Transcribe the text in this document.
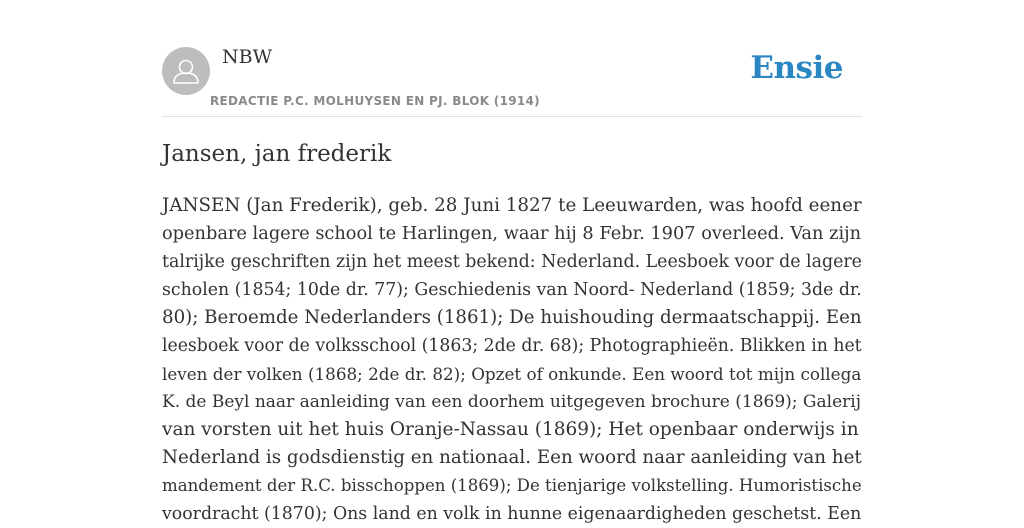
NBW
REDACTIE P.C. MOLHUYSEN EN PJ. BLOK (1914)
Ensie
Jansen, jan frederik
JANSEN (Jan Frederik), geb. 28 Juni 1827 te Leeuwarden, was hoofd eener
openbare lagere school te Harlingen, waar hij 8 Febr. 1907 overleed. Van zijn
talrijke geschriften zijn het meest bekend: Nederland. Leesboek voor de lagere
scholen (1854; 10de dr. 77); Geschiedenis van Noord- Nederland (1859; 3de dr.
80); Beroemde Nederlanders (1861); De huishouding dermaatschappij. Een
leesboek voor de volksschool (1863; 2de dr. 68); Photographieën. Blikken in het
leven der volken (1868; 2de dr. 82); Opzet of onkunde. Een woord tot mijn collega
K. de Beyl naar aanleiding van een doorhem uitgegeven brochure (1869); Galerij
van vorsten uit het huis Oranje-Nassau (1869); Het openbaar onderwijs in
Nederland is godsdienstig en nationaal. Een woord naar aanleiding van het
mandement der R.C. bisschoppen (1869); De tienjarige volkstelling. Humoristische
voordracht (1870); Ons land en volk in hunne eigenaardigheden geschetst. Een
